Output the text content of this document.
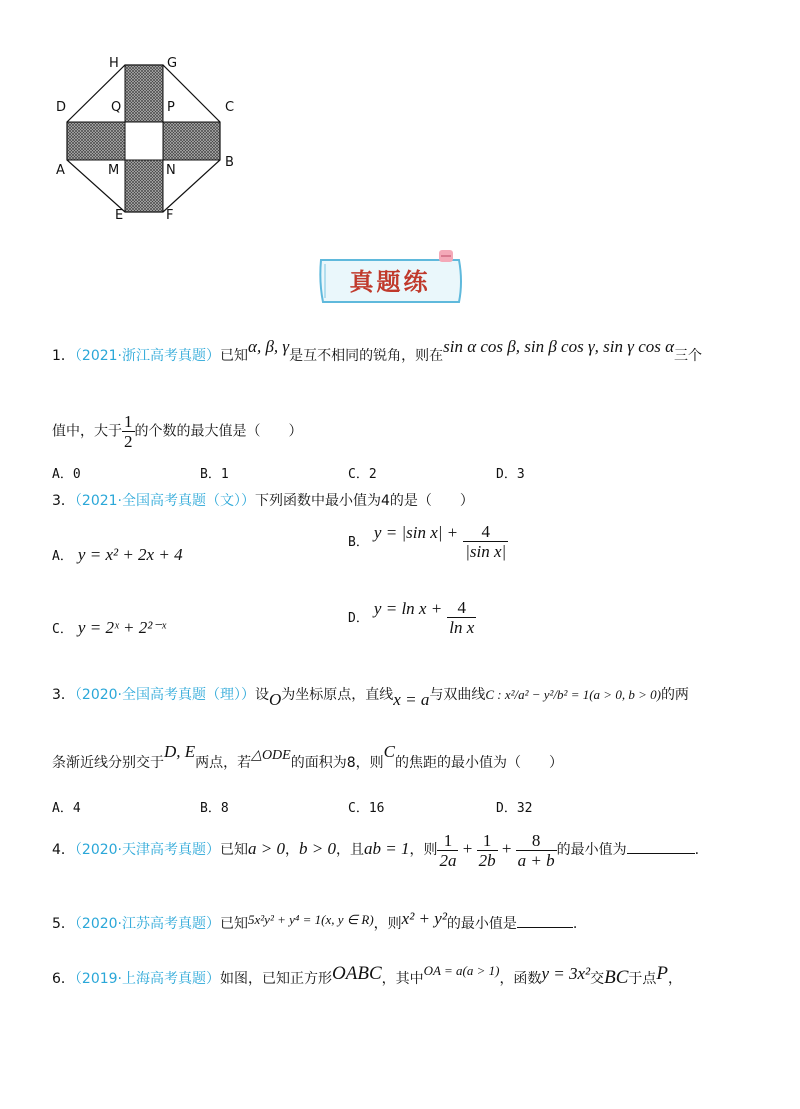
H	G
D	Q	P	C
A	M	N
B
E	F
真题练
1．（2021·浙江高考真题）已知α, β, γ是互不相同的锐角，则在sin α cos β, sin β cos γ, sin γ cos α三个
值中，大于 $\frac{1}{2}$ 的个数的最大值是（　　）
A．0	B．1	C．2	D．3
3．（2021·全国高考真题（文））下列函数中最小值为4的是（　　）
A． y = x² + 2x + 4
B． y = |sin $x| + \frac{4}{\text{|sin x|}}$
C． y = 2ˣ + 2²⁻ˣ	D． $y = \ln x + \frac{4}{\text{ln x}}$
3．（2020·全国高考真题（理））设O为坐标原点，直线x = a与双曲线C : x²/a² − y²/b² = 1(a > 0, b > 0)的两
条渐近线分别交于D, E两点，若△ODE的面积为8，则C的焦距的最小值为（　　）
A．4	B．8	C．16	D．32
4．（2020·天津高考真题）已知a > 0，b > 0，且ab = 1，则 $\frac{1}{2a} + \frac{1}{2b} + \frac{8}{a + b}$ 的最小值为	.
5．（2020·江苏高考真题）已知5x²y² + y⁴ = 1(x, y ∈ R)，则x² + y²的最小值是	.
6．（2019·上海高考真题）如图，已知正方形OABC，其中OA = a(a > 1)，函数y = 3x²交BC于点P，
